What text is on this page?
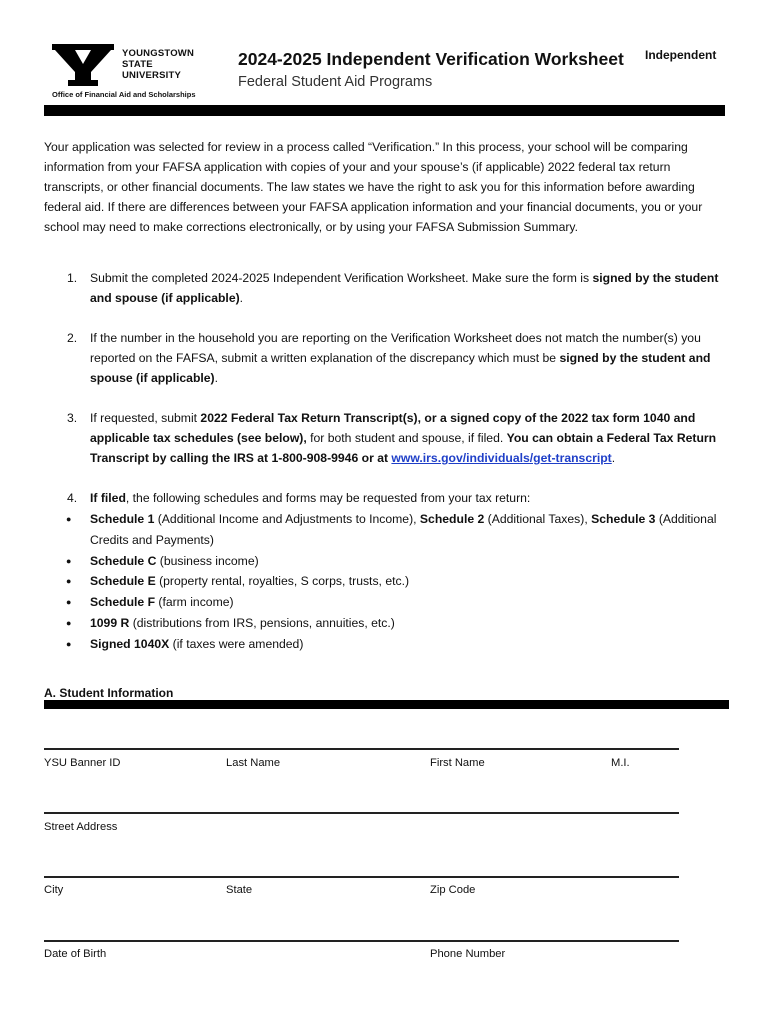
YOUNGSTOWN
STATE
UNIVERSITY
Office of Financial Aid and Scholarships
2024-2025 Independent Verification Worksheet
Federal Student Aid Programs
Independent
Your application was selected for review in a process called “Verification.” In this process, your school will be comparing information from your FAFSA application with copies of your and your spouse’s (if applicable) 2022 federal tax return transcripts, or other financial documents. The law states we have the right to ask you for this information before awarding federal aid. If there are differences between your FAFSA application information and your financial documents, you or your school may need to make corrections electronically, or by using your FAFSA Submission Summary.
1. Submit the completed 2024-2025 Independent Verification Worksheet. Make sure the form is signed by the student and spouse (if applicable).
2. If the number in the household you are reporting on the Verification Worksheet does not match the number(s) you reported on the FAFSA, submit a written explanation of the discrepancy which must be signed by the student and spouse (if applicable).
3. If requested, submit 2022 Federal Tax Return Transcript(s), or a signed copy of the 2022 tax form 1040 and applicable tax schedules (see below), for both student and spouse, if filed. You can obtain a Federal Tax Return Transcript by calling the IRS at 1-800-908-9946 or at www.irs.gov/individuals/get-transcript.
4. If filed, the following schedules and forms may be requested from your tax return:
● Schedule 1 (Additional Income and Adjustments to Income), Schedule 2 (Additional Taxes), Schedule 3 (Additional Credits and Payments)
● Schedule C (business income)
● Schedule E (property rental, royalties, S corps, trusts, etc.)
● Schedule F (farm income)
● 1099 R (distributions from IRS, pensions, annuities, etc.)
● Signed 1040X (if taxes were amended)
A. Student Information
YSU Banner ID	Last Name	First Name	M.I.
Street Address
City	State	Zip Code
Date of Birth	Phone Number
